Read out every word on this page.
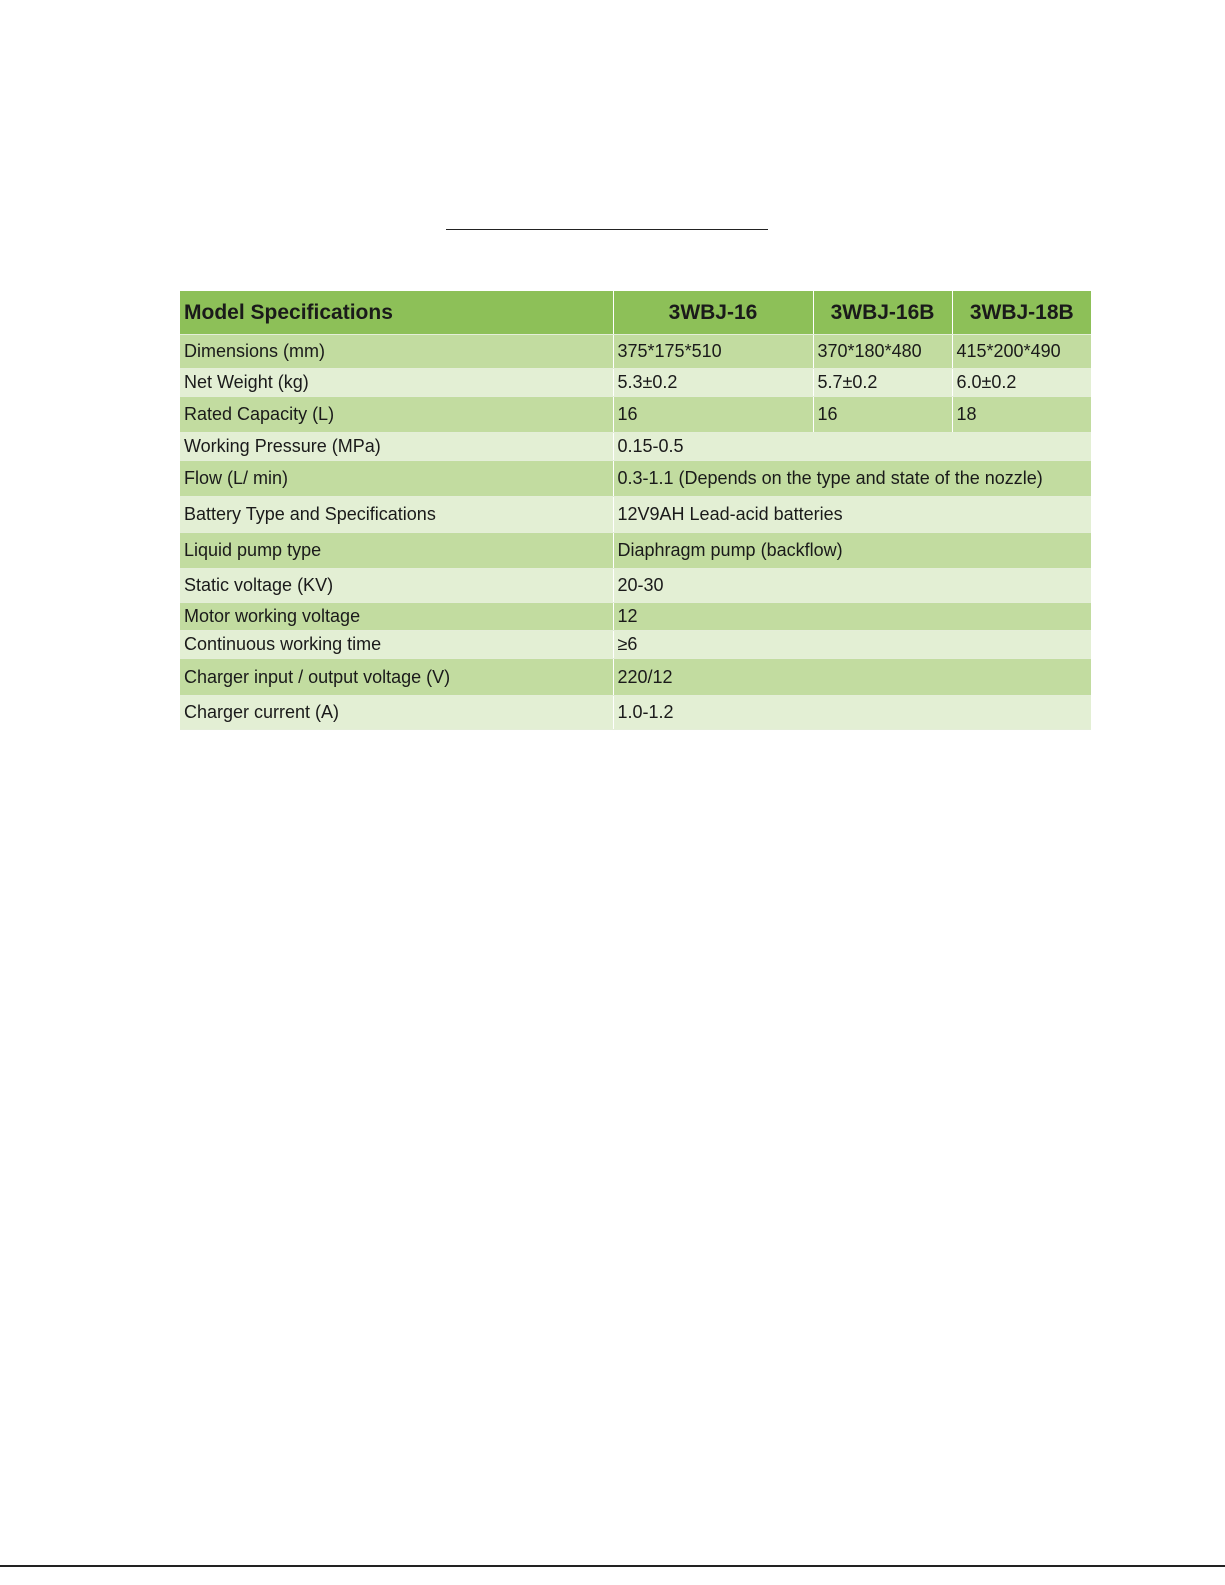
Model Specifications	3WBJ-16	3WBJ-16B	3WBJ-18B
Dimensions (mm)	375*175*510	370*180*480	415*200*490
Net Weight (kg)	5.3±0.2	5.7±0.2	6.0±0.2
Rated Capacity (L)	16	16	18
Working Pressure (MPa)	0.15-0.5		
Flow (L/ min)	0.3-1.1 (Depends on the type and state of the nozzle)		
Battery Type and Specifications	12V9AH Lead-acid batteries		
Liquid pump type	Diaphragm pump (backflow)		
Static voltage (KV)	20-30		
Motor working voltage	12		
Continuous working time	≥6		
Charger input / output voltage (V)	220/12		
Charger current (A)	1.0-1.2		
